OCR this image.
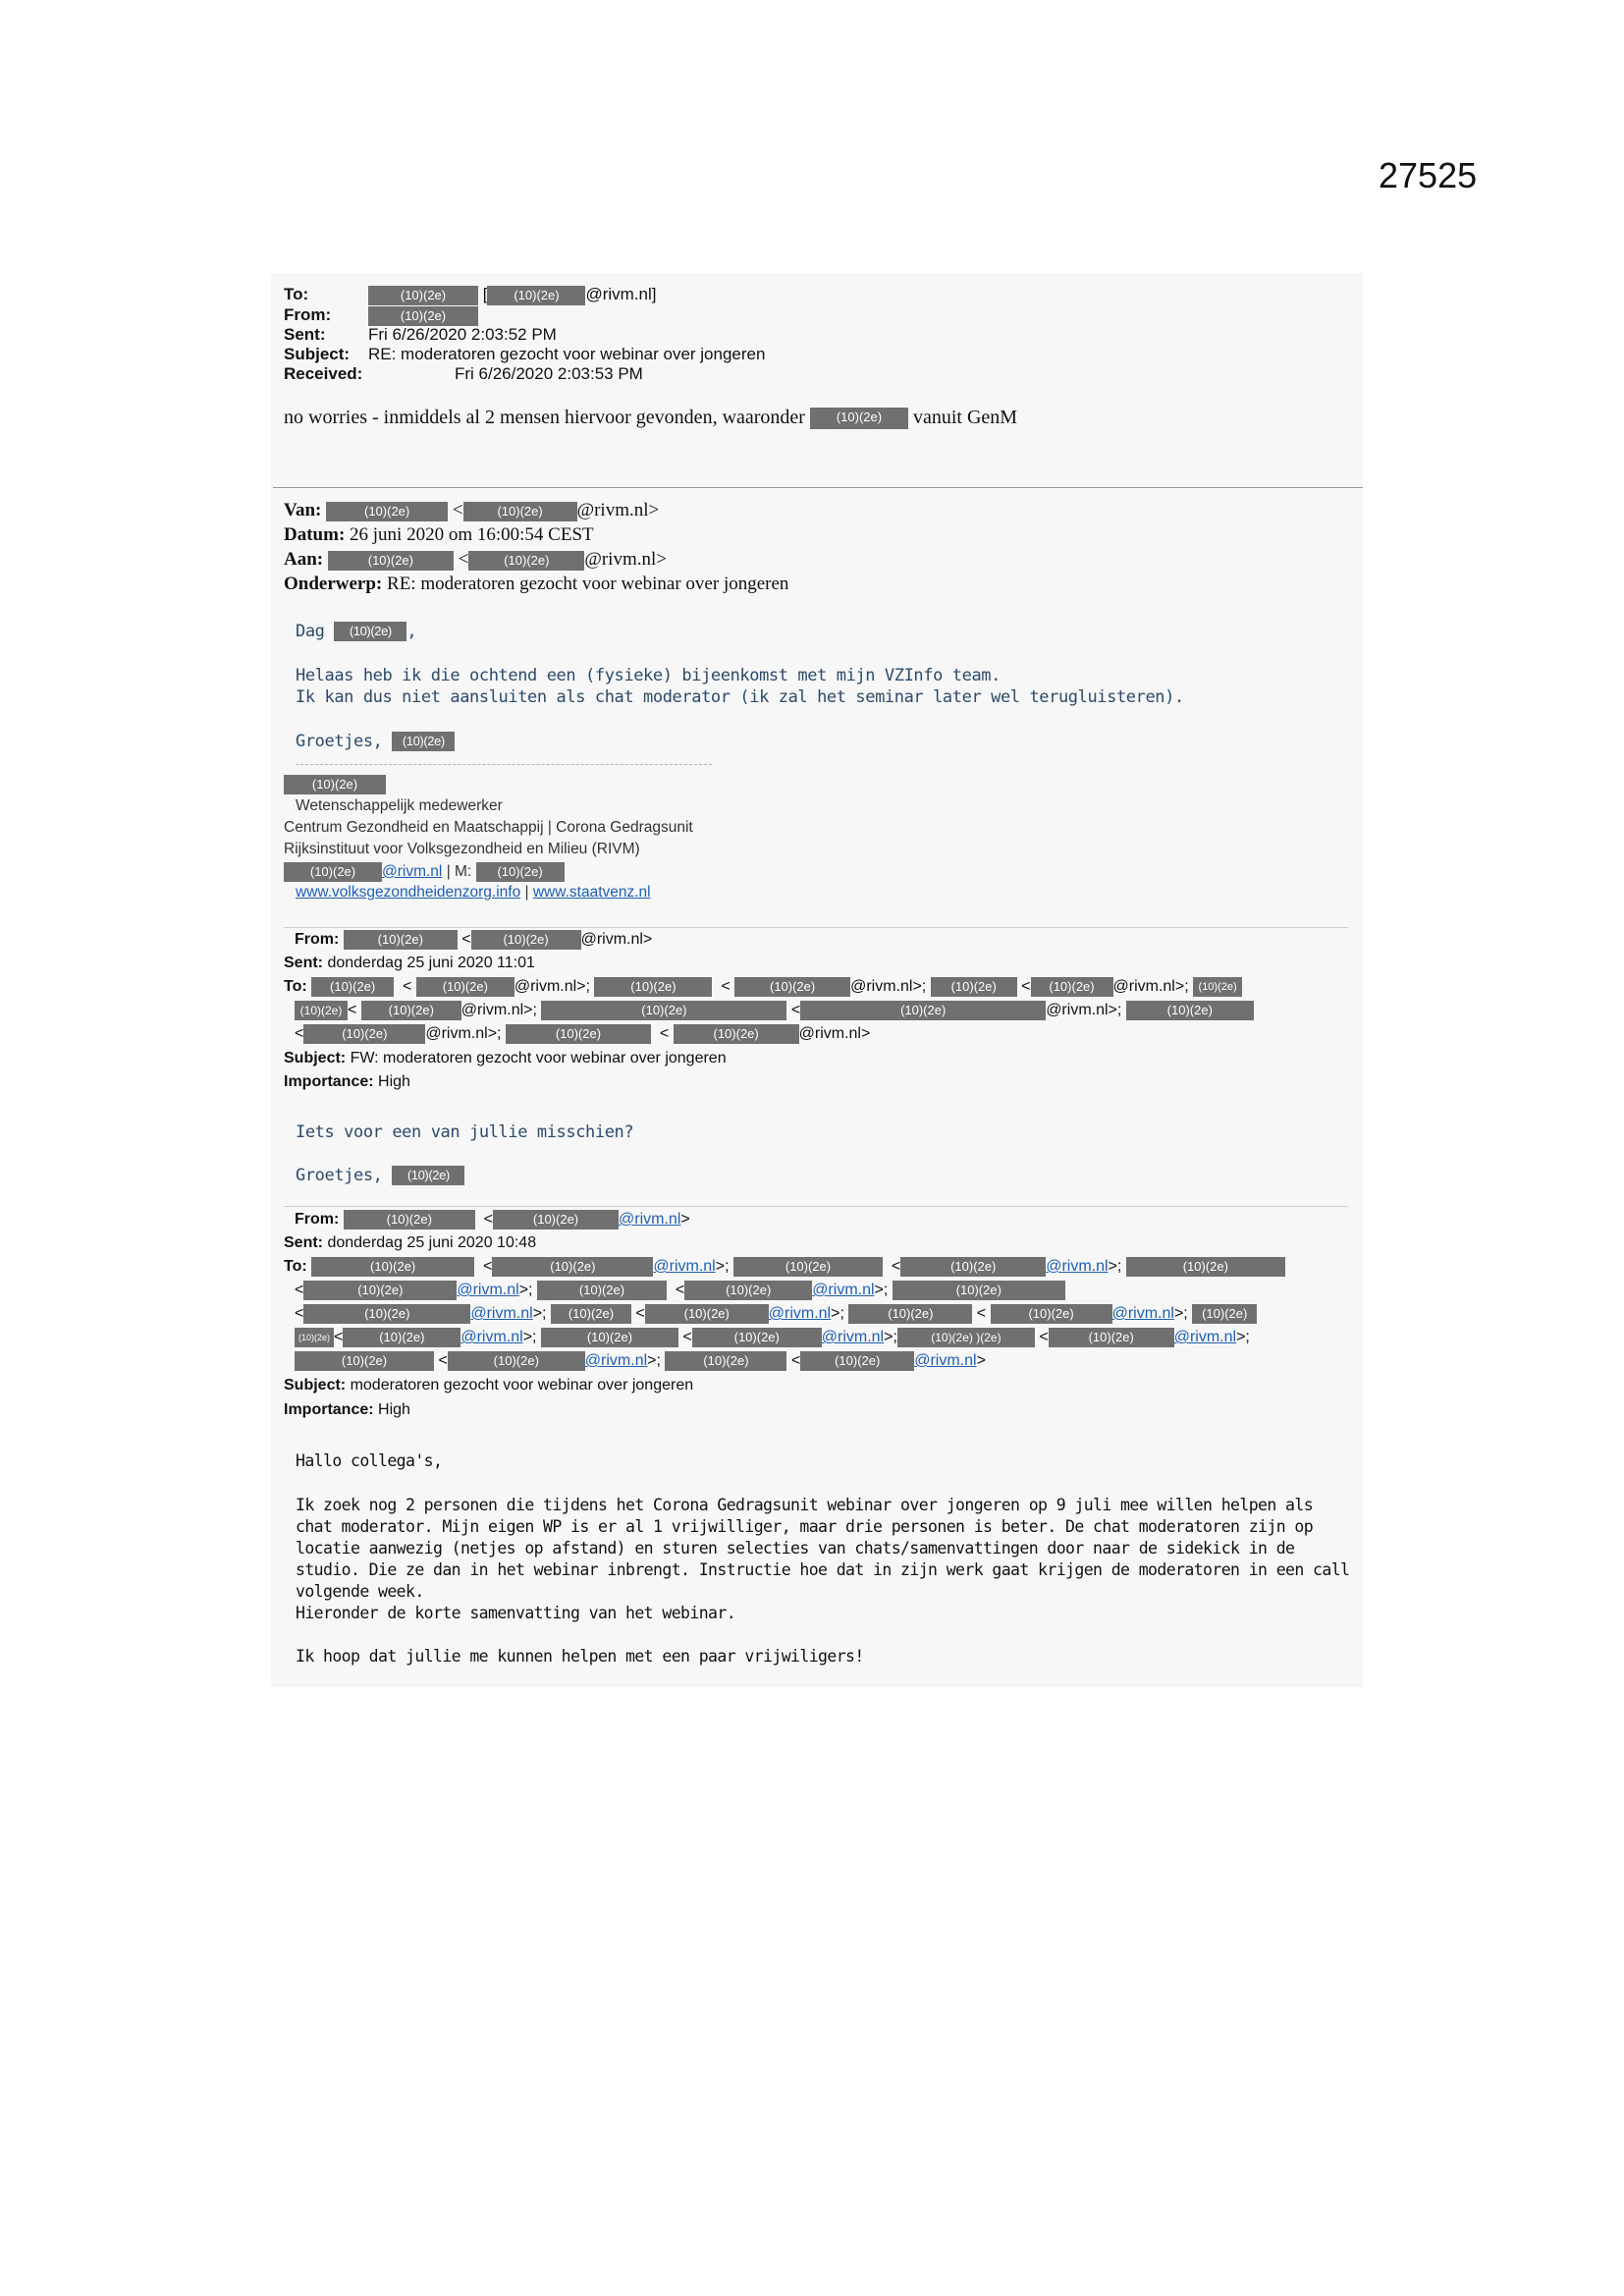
27525
To:	(10)(2e) [ (10)(2e) @rivm.nl]
From:	(10)(2e)
Sent:	Fri 6/26/2020 2:03:52 PM
Subject: RE: moderatoren gezocht voor webinar over jongeren
Received:	Fri 6/26/2020 2:03:53 PM
no worries - inmiddels al 2 mensen hiervoor gevonden, waaronder (10)(2e) vanuit GenM
Van:	(10)(2e) <	(10)(2e) @rivm.nl>
Datum: 26 juni 2020 om 16:00:54 CEST
Aan:	(10)(2e) <	(10)(2e) @rivm.nl>
Onderwerp: RE: moderatoren gezocht voor webinar over jongeren
Dag (10)(2e) ,
Helaas heb ik die ochtend een (fysieke) bijeenkomst met mijn VZInfo team.
Ik kan dus niet aansluiten als chat moderator (ik zal het seminar later wel terugluisteren).
Groetjes, (10)(2e)
(10)(2e)
Wetenschappelijk medewerker
Centrum Gezondheid en Maatschappij | Corona Gedragsunit
Rijksinstituut voor Volksgezondheid en Milieu (RIVM)
(10)(2e) @rivm.nl | M: (10)(2e)
www.volksgezondheidenzorg.info | www.staatvenz.nl
From:	(10)(2e) <	(10)(2e) @rivm.nl>
Sent: donderdag 25 juni 2020 11:01
To: (10)(2e)  < (10)(2e) @rivm.nl>;	(10)(2e)  <	(10)(2e) @rivm.nl>; (10)(2e) < (10)(2e) @rivm.nl>; (10)(2e)
(10)(2e) < (10)(2e) @rivm.nl>;	(10)(2e)	<	(10)(2e)	@rivm.nl>;	(10)(2e)
<	(10)(2e) @rivm.nl>;	(10)(2e)	<	(10)(2e)	@rivm.nl>
Subject: FW: moderatoren gezocht voor webinar over jongeren
Importance: High
Iets voor een van jullie misschien?
Groetjes, (10)(2e)
From:	(10)(2e)	<	(10)(2e)	@rivm.nl>
Sent: donderdag 25 juni 2020 10:48
To:	(10)(2e)	<	(10)(2e)	@rivm.nl>;	(10)(2e)	<	(10)(2e)	@rivm.nl>;	(10)(2e)
<	(10)(2e)	@rivm.nl>;	(10)(2e)	<	(10)(2e)	@rivm.nl>;	(10)(2e)
<	(10)(2e)	@rivm.nl>; (10)(2e) <	(10)(2e) @rivm.nl>;	(10)(2e) <	(10)(2e) @rivm.nl>; (10)(2e)
(10)(2e) <	(10)(2e) @rivm.nl>;	(10)(2e)	<	(10)(2e)	@rivm.nl>;	(10)(2e) )(2e) <	(10)(2e)	@rivm.nl>;
(10)(2e)	<	(10)(2e)	@rivm.nl>;	(10)(2e) <	(10)(2e) @rivm.nl>
Subject: moderatoren gezocht voor webinar over jongeren
Importance: High
Hallo collega's,
Ik zoek nog 2 personen die tijdens het Corona Gedragsunit webinar over jongeren op 9 juli mee willen helpen als
chat moderator. Mijn eigen WP is er al 1 vrijwilliger, maar drie personen is beter. De chat moderatoren zijn op
locatie aanwezig (netjes op afstand) en sturen selecties van chats/samenvattingen door naar de sidekick in de
studio. Die ze dan in het webinar inbrengt. Instructie hoe dat in zijn werk gaat krijgen de moderatoren in een call
volgende week.
Hieronder de korte samenvatting van het webinar.
Ik hoop dat jullie me kunnen helpen met een paar vrijwiligers!
